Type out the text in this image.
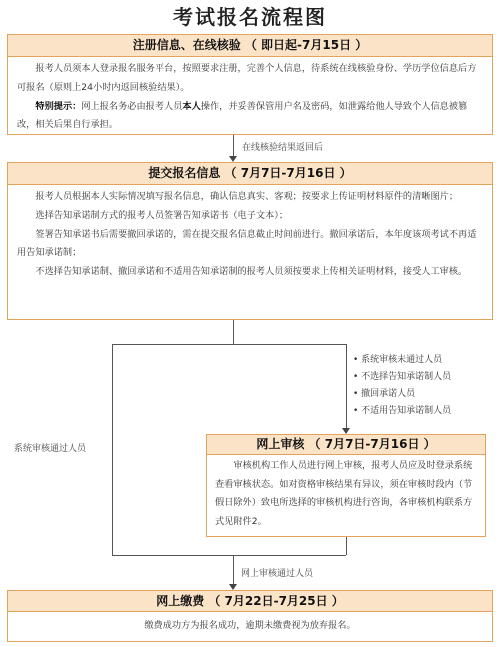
考试报名流程图
注册信息、在线核验 （ 即日起-7月15日 ）

报考人员须本人登录报名服务平台，按照要求注册，完善个人信息，待系统在线核验身份、学历学位信息后方可报名（原则上24小时内返回核验结果）。

特别提示：网上报名务必由报考人员本人操作，并妥善保管用户名及密码，如泄露给他人导致个人信息被篡改，相关后果自行承担。

在线核验结果返回后
提交报名信息 （ 7月7日-7月16日 ）

报考人员根据本人实际情况填写报名信息，确认信息真实、客观；按要求上传证明材料原件的清晰图片；

选择告知承诺制方式的报考人员签署告知承诺书（电子文本）；

签署告知承诺书后需要撤回承诺的，需在提交报名信息截止时间前进行。撤回承诺后，本年度该项考试不再适用告知承诺制；

不选择告知承诺制、撤回承诺和不适用告知承诺制的报考人员须按要求上传相关证明材料，接受人工审核。

系统审核通过人员
• 系统审核未通过人员
• 不选择告知承诺制人员
• 撤回承诺人员
• 不适用告知承诺制人员
网上审核 （ 7月7日-7月16日 ）

审核机构工作人员进行网上审核，报考人员应及时登录系统查看审核状态。如对资格审核结果有异议，须在审核时段内（节假日除外）致电所选择的审核机构进行咨询，各审核机构联系方式见附件2。

网上审核通过人员
网上缴费 （ 7月22日-7月25日 ）
缴费成功方为报名成功，逾期未缴费视为放弃报名。
